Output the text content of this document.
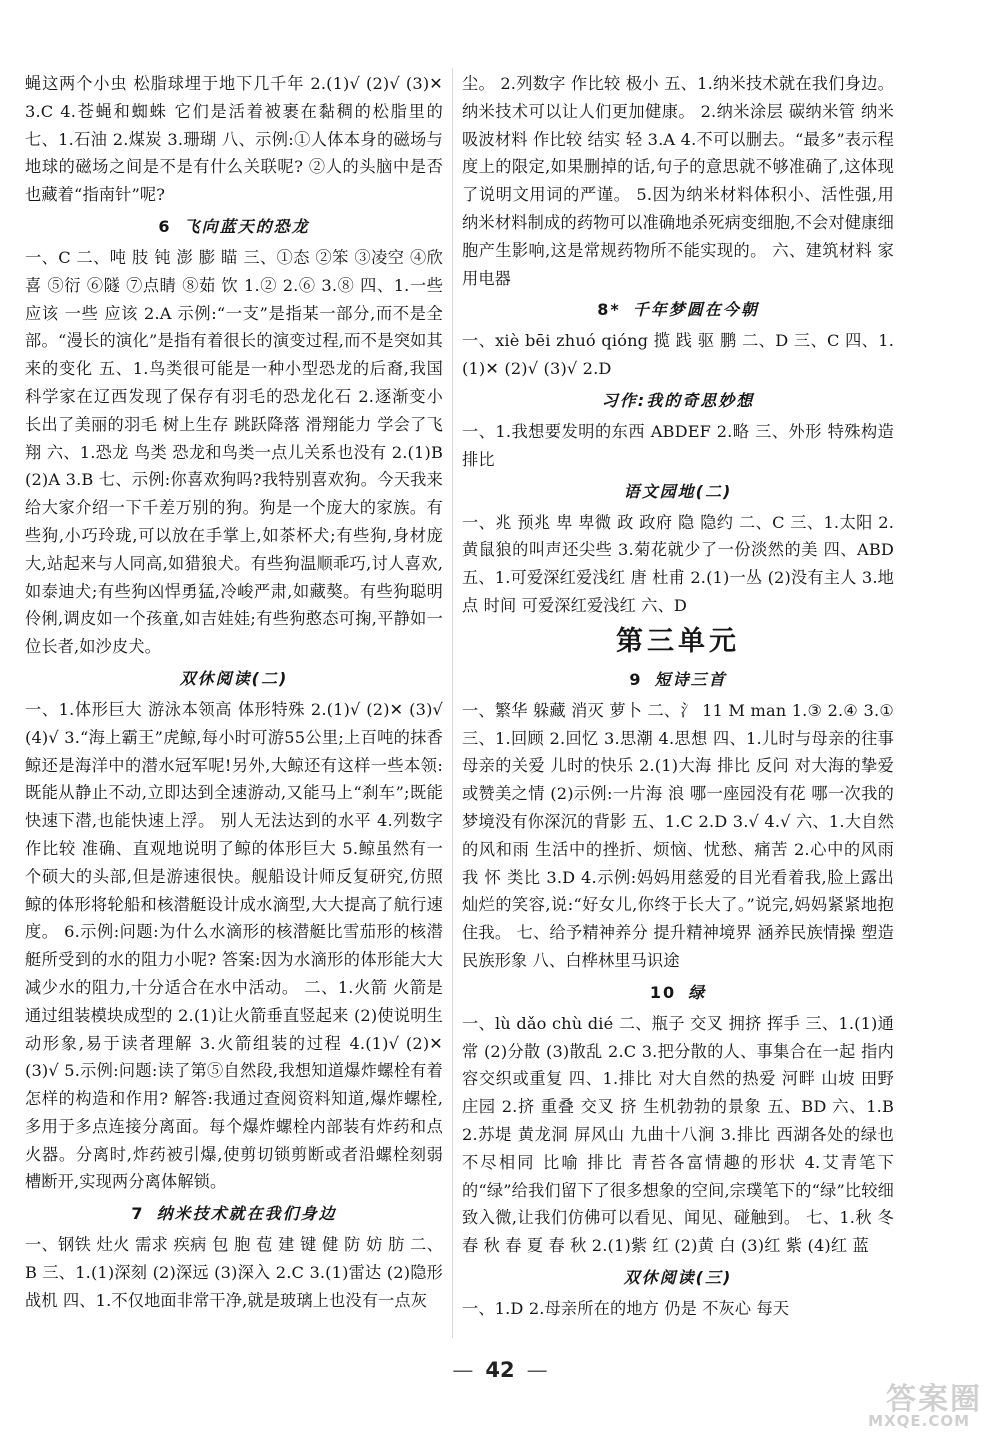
蝇这两个小虫 松脂球埋于地下几千年 2.(1)√ (2)√ (3)✕ 3.C 4.苍蝇和蜘蛛 它们是活着被裹在黏稠的松脂里的 七、1.石油 2.煤炭 3.珊瑚 八、示例:①人体本身的磁场与地球的磁场之间是不是有什么关联呢? ②人的头脑中是否也藏着“指南针”呢?

6 飞向蓝天的恐龙

一、C 二、吨 肢 钝 澎 膨 瞄 三、①态 ②笨 ③凌空 ④欣喜 ⑤衍 ⑥隧 ⑦点睛 ⑧茹 饮 1.② 2.⑥ 3.⑧ 四、1.一些 应该 一些 应该 2.A 示例:“一支”是指某一部分,而不是全部。“漫长的演化”是指有着很长的演变过程,而不是突如其来的变化 五、1.鸟类很可能是一种小型恐龙的后裔,我国科学家在辽西发现了保存有羽毛的恐龙化石 2.逐渐变小 长出了美丽的羽毛 树上生存 跳跃降落 滑翔能力 学会了飞翔 六、1.恐龙 鸟类 恐龙和鸟类一点儿关系也没有 2.(1)B (2)A 3.B 七、示例:你喜欢狗吗?我特别喜欢狗。今天我来给大家介绍一下千差万别的狗。狗是一个庞大的家族。有些狗,小巧玲珑,可以放在手掌上,如茶杯犬;有些狗,身材庞大,站起来与人同高,如猎狼犬。有些狗温顺乖巧,讨人喜欢,如泰迪犬;有些狗凶悍勇猛,冷峻严肃,如藏獒。有些狗聪明伶俐,调皮如一个孩童,如吉娃娃;有些狗憨态可掬,平静如一位长者,如沙皮犬。

双休阅读(二)

一、1.体形巨大 游泳本领高 体形特殊 2.(1)√ (2)✕ (3)√ (4)√ 3.“海上霸王”虎鲸,每小时可游55公里;上百吨的抹香鲸还是海洋中的潜水冠军呢!另外,大鲸还有这样一些本领:既能从静止不动,立即达到全速游动,又能马上“刹车”;既能快速下潜,也能快速上浮。 别人无法达到的水平 4.列数字 作比较 准确、直观地说明了鲸的体形巨大 5.鲸虽然有一个硕大的头部,但是游速很快。舰船设计师反复研究,仿照鲸的体形将轮船和核潜艇设计成水滴型,大大提高了航行速度。 6.示例:问题:为什么水滴形的核潜艇比雪茄形的核潜艇所受到的水的阻力小呢? 答案:因为水滴形的体形能大大减少水的阻力,十分适合在水中活动。 二、1.火箭 火箭是通过组装模块成型的 2.(1)让火箭垂直竖起来 (2)使说明生动形象,易于读者理解 3.火箭组装的过程 4.(1)√ (2)✕ (3)√ 5.示例:问题:读了第⑤自然段,我想知道爆炸螺栓有着怎样的构造和作用? 解答:我通过查阅资料知道,爆炸螺栓,多用于多点连接分离面。每个爆炸螺栓内部装有炸药和点火器。分离时,炸药被引爆,使剪切锁剪断或者沿螺栓刻弱槽断开,实现两分离体解锁。

7 纳米技术就在我们身边

一、钢铁 灶火 需求 疾病 包 胞 苞 建 键 健 防 妨 肪 二、B 三、1.(1)深刻 (2)深远 (3)深入 2.C 3.(1)雷达 (2)隐形战机 四、1.不仅地面非常干净,就是玻璃上也没有一点灰

尘。 2.列数字 作比较 极小 五、1.纳米技术就在我们身边。 纳米技术可以让人们更加健康。 2.纳米涂层 碳纳米管 纳米吸波材料 作比较 结实 轻 3.A 4.不可以删去。“最多”表示程度上的限定,如果删掉的话,句子的意思就不够准确了,这体现了说明文用词的严谨。 5.因为纳米材料体积小、活性强,用纳米材料制成的药物可以准确地杀死病变细胞,不会对健康细胞产生影响,这是常规药物所不能实现的。 六、建筑材料 家用电器

8* 千年梦圆在今朝

一、xiè bēi zhuó qióng 揽 践 驱 鹏 二、D 三、C 四、1.(1)✕ (2)√ (3)√ 2.D

习作:我的奇思妙想

一、1.我想要发明的东西 ABDEF 2.略 三、外形 特殊构造 排比

语文园地(二)

一、兆 预兆 卑 卑微 政 政府 隐 隐约 二、C 三、1.太阳 2.黄鼠狼的叫声还尖些 3.菊花就少了一份淡然的美 四、ABD 五、1.可爱深红爱浅红 唐 杜甫 2.(1)一丛 (2)没有主人 3.地点 时间 可爱深红爱浅红 六、D

第三单元
9 短诗三首

一、繁华 躲藏 消灭 萝卜 二、氵 11 M man 1.③ 2.④ 3.① 三、1.回顾 2.回忆 3.思潮 4.思想 四、1.儿时与母亲的往事 母亲的关爱 儿时的快乐 2.(1)大海 排比 反问 对大海的挚爱或赞美之情 (2)示例:一片海 浪 哪一座园没有花 哪一次我的梦境没有你深沉的背影 五、1.C 2.D 3.√ 4.√ 六、1.大自然的风和雨 生活中的挫折、烦恼、忧愁、痛苦 2.心中的风雨 我 怀 类比 3.D 4.示例:妈妈用慈爱的目光看着我,脸上露出灿烂的笑容,说:“好女儿,你终于长大了。”说完,妈妈紧紧地抱住我。 七、给予精神养分 提升精神境界 涵养民族情操 塑造民族形象 八、白桦林里马识途

10 绿

一、lù dǎo chù dié 二、瓶子 交叉 拥挤 挥手 三、1.(1)通常 (2)分散 (3)散乱 2.C 3.把分散的人、事集合在一起 指内容交织或重复 四、1.排比 对大自然的热爱 河畔 山坡 田野 庄园 2.挤 重叠 交叉 挤 生机勃勃的景象 五、BD 六、1.B 2.苏堤 黄龙洞 屏风山 九曲十八涧 3.排比 西湖各处的绿也不尽相同 比喻 排比 青苔各富情趣的形状 4.艾青笔下的“绿”给我们留下了很多想象的空间,宗璞笔下的“绿”比较细致入微,让我们仿佛可以看见、闻见、碰触到。 七、1.秋 冬 春 秋 春 夏 春 秋 2.(1)紫 红 (2)黄 白 (3)红 紫 (4)红 蓝

双休阅读(三)

一、1.D 2.母亲所在的地方 仍是 不灰心 每天

— 42 —
答案圈
MXQE.COM
